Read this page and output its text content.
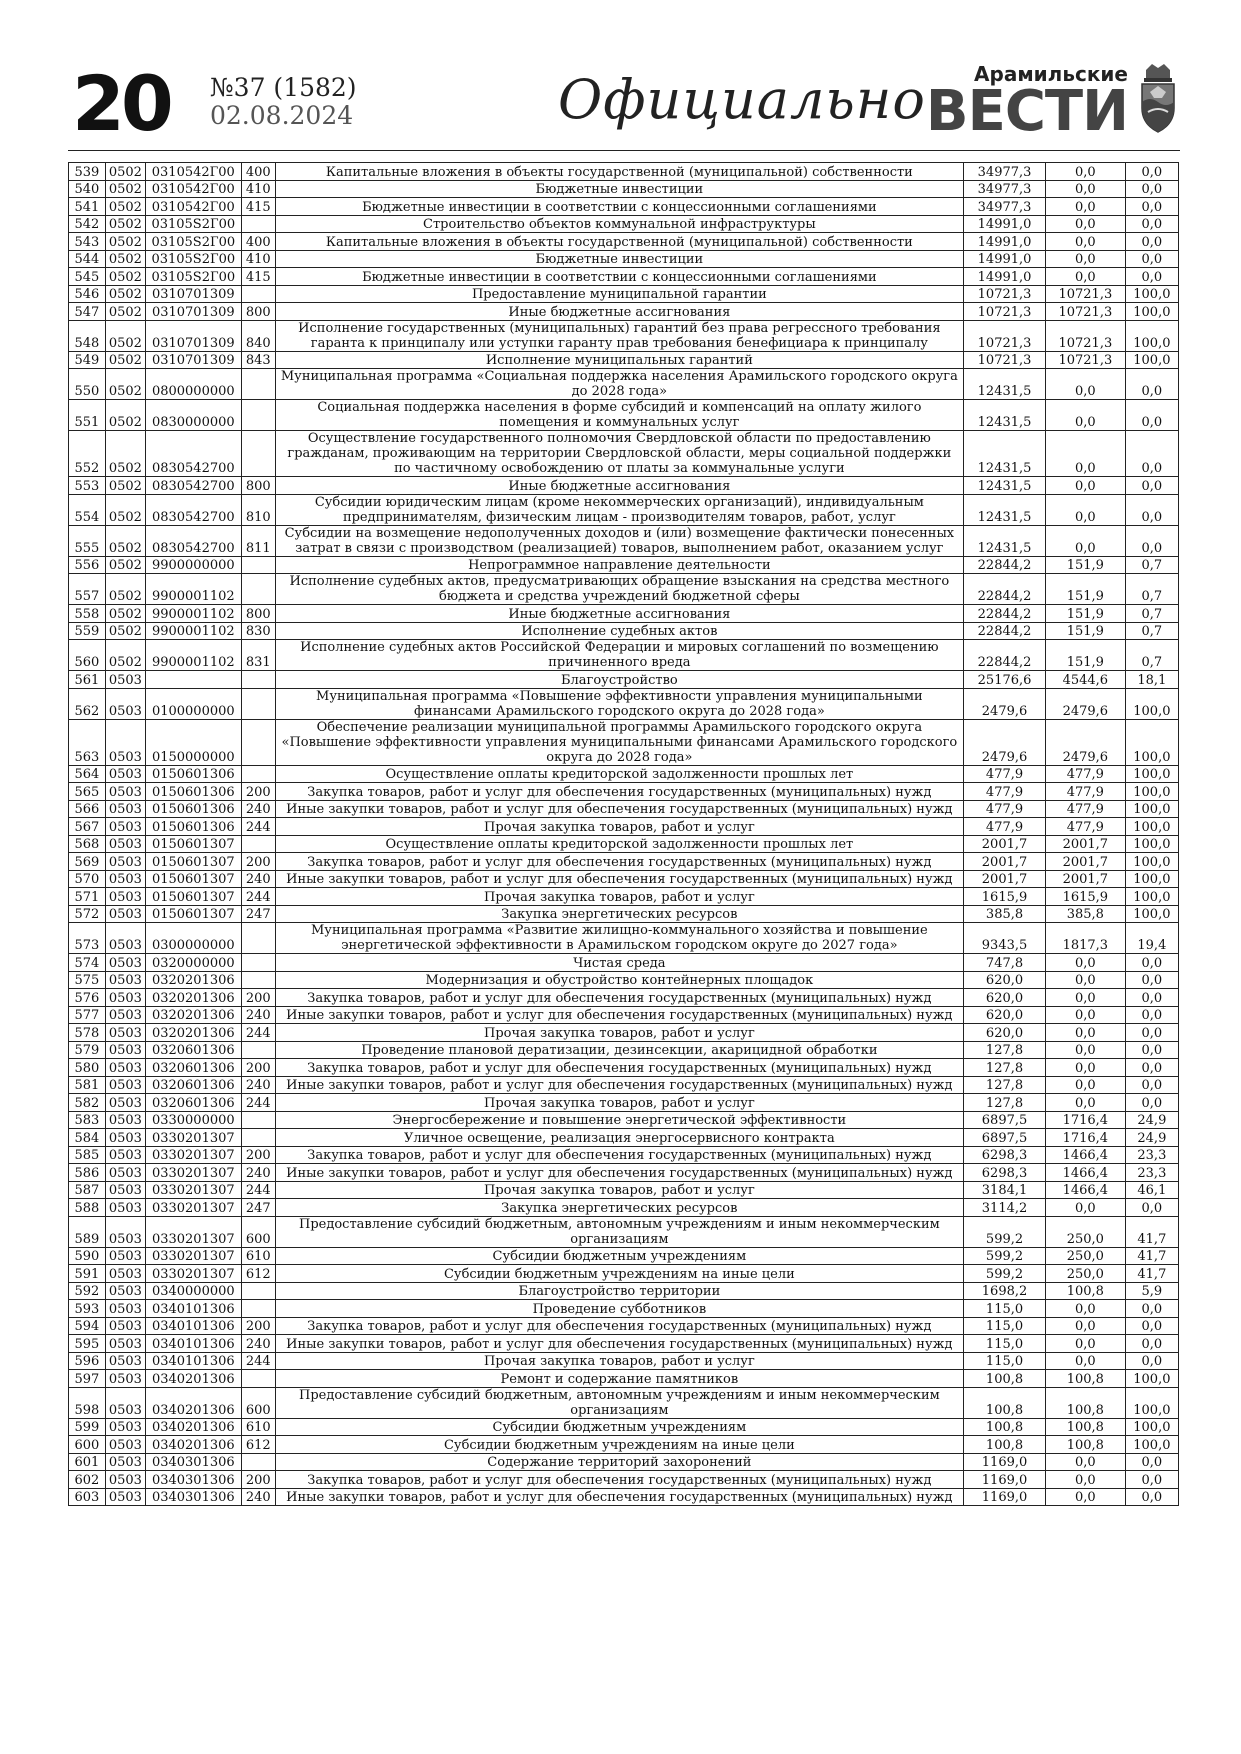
20 №37 (1582)
02.08.2024	Официально Арамильские
ВЕСТИ
539	0502	0310542Г00	400	Капитальные вложения в объекты государственной (муниципальной) собственности	34977,3	0,0	0,0
540	0502	0310542Г00	410	Бюджетные инвестиции	34977,3	0,0	0,0
541	0502	0310542Г00	415	Бюджетные инвестиции в соответствии с концессионными соглашениями	34977,3	0,0	0,0
542	0502	03105S2Г00		Строительство объектов коммунальной инфраструктуры	14991,0	0,0	0,0
543	0502	03105S2Г00	400	Капитальные вложения в объекты государственной (муниципальной) собственности	14991,0	0,0	0,0
544	0502	03105S2Г00	410	Бюджетные инвестиции	14991,0	0,0	0,0
545	0502	03105S2Г00	415	Бюджетные инвестиции в соответствии с концессионными соглашениями	14991,0	0,0	0,0
546	0502	0310701309		Предоставление муниципальной гарантии	10721,3	10721,3	100,0
547	0502	0310701309	800	Иные бюджетные ассигнования	10721,3	10721,3	100,0
548	0502	0310701309	840	Исполнение государственных (муниципальных) гарантий без права регрессного требования гаранта к принципалу или уступки гаранту прав требования бенефициара к принципалу	10721,3	10721,3	100,0
549	0502	0310701309	843	Исполнение муниципальных гарантий	10721,3	10721,3	100,0
550	0502	0800000000		Муниципальная программа «Социальная поддержка населения Арамильского городского округа до 2028 года»	12431,5	0,0	0,0
551	0502	0830000000		Социальная поддержка населения в форме субсидий и компенсаций на оплату жилого помещения и коммунальных услуг	12431,5	0,0	0,0
552	0502	0830542700		Осуществление государственного полномочия Свердловской области по предоставлению гражданам, проживающим на территории Свердловской области, меры социальной поддержки по частичному освобождению от платы за коммунальные услуги	12431,5	0,0	0,0
553	0502	0830542700	800	Иные бюджетные ассигнования	12431,5	0,0	0,0
554	0502	0830542700	810	Субсидии юридическим лицам (кроме некоммерческих организаций), индивидуальным предпринимателям, физическим лицам - производителям товаров, работ, услуг	12431,5	0,0	0,0
555	0502	0830542700	811	Субсидии на возмещение недополученных доходов и (или) возмещение фактически понесенных затрат в связи с производством (реализацией) товаров, выполнением работ, оказанием услуг	12431,5	0,0	0,0
556	0502	9900000000		Непрограммное направление деятельности	22844,2	151,9	0,7
557	0502	9900001102		Исполнение судебных актов, предусматривающих обращение взыскания на средства местного бюджета и средства учреждений бюджетной сферы	22844,2	151,9	0,7
558	0502	9900001102	800	Иные бюджетные ассигнования	22844,2	151,9	0,7
559	0502	9900001102	830	Исполнение судебных актов	22844,2	151,9	0,7
560	0502	9900001102	831	Исполнение судебных актов Российской Федерации и мировых соглашений по возмещению причиненного вреда	22844,2	151,9	0,7
561	0503			Благоустройство	25176,6	4544,6	18,1
562	0503	0100000000		Муниципальная программа «Повышение эффективности управления муниципальными финансами Арамильского городского округа до 2028 года»	2479,6	2479,6	100,0
563	0503	0150000000		Обеспечение реализации муниципальной программы Арамильского городского округа «Повышение эффективности управления муниципальными финансами Арамильского городского округа до 2028 года»	2479,6	2479,6	100,0
564	0503	0150601306		Осуществление оплаты кредиторской задолженности прошлых лет	477,9	477,9	100,0
565	0503	0150601306	200	Закупка товаров, работ и услуг для обеспечения государственных (муниципальных) нужд	477,9	477,9	100,0
566	0503	0150601306	240	Иные закупки товаров, работ и услуг для обеспечения государственных (муниципальных) нужд	477,9	477,9	100,0
567	0503	0150601306	244	Прочая закупка товаров, работ и услуг	477,9	477,9	100,0
568	0503	0150601307		Осуществление оплаты кредиторской задолженности прошлых лет	2001,7	2001,7	100,0
569	0503	0150601307	200	Закупка товаров, работ и услуг для обеспечения государственных (муниципальных) нужд	2001,7	2001,7	100,0
570	0503	0150601307	240	Иные закупки товаров, работ и услуг для обеспечения государственных (муниципальных) нужд	2001,7	2001,7	100,0
571	0503	0150601307	244	Прочая закупка товаров, работ и услуг	1615,9	1615,9	100,0
572	0503	0150601307	247	Закупка энергетических ресурсов	385,8	385,8	100,0
573	0503	0300000000		Муниципальная программа «Развитие жилищно-коммунального хозяйства и повышение энергетической эффективности в Арамильском городском округе до 2027 года»	9343,5	1817,3	19,4
574	0503	0320000000		Чистая среда	747,8	0,0	0,0
575	0503	0320201306		Модернизация и обустройство контейнерных площадок	620,0	0,0	0,0
576	0503	0320201306	200	Закупка товаров, работ и услуг для обеспечения государственных (муниципальных) нужд	620,0	0,0	0,0
577	0503	0320201306	240	Иные закупки товаров, работ и услуг для обеспечения государственных (муниципальных) нужд	620,0	0,0	0,0
578	0503	0320201306	244	Прочая закупка товаров, работ и услуг	620,0	0,0	0,0
579	0503	0320601306		Проведение плановой дератизации, дезинсекции, акарицидной обработки	127,8	0,0	0,0
580	0503	0320601306	200	Закупка товаров, работ и услуг для обеспечения государственных (муниципальных) нужд	127,8	0,0	0,0
581	0503	0320601306	240	Иные закупки товаров, работ и услуг для обеспечения государственных (муниципальных) нужд	127,8	0,0	0,0
582	0503	0320601306	244	Прочая закупка товаров, работ и услуг	127,8	0,0	0,0
583	0503	0330000000		Энергосбережение и повышение энергетической эффективности	6897,5	1716,4	24,9
584	0503	0330201307		Уличное освещение, реализация энергосервисного контракта	6897,5	1716,4	24,9
585	0503	0330201307	200	Закупка товаров, работ и услуг для обеспечения государственных (муниципальных) нужд	6298,3	1466,4	23,3
586	0503	0330201307	240	Иные закупки товаров, работ и услуг для обеспечения государственных (муниципальных) нужд	6298,3	1466,4	23,3
587	0503	0330201307	244	Прочая закупка товаров, работ и услуг	3184,1	1466,4	46,1
588	0503	0330201307	247	Закупка энергетических ресурсов	3114,2	0,0	0,0
589	0503	0330201307	600	Предоставление субсидий бюджетным, автономным учреждениям и иным некоммерческим организациям	599,2	250,0	41,7
590	0503	0330201307	610	Субсидии бюджетным учреждениям	599,2	250,0	41,7
591	0503	0330201307	612	Субсидии бюджетным учреждениям на иные цели	599,2	250,0	41,7
592	0503	0340000000		Благоустройство территории	1698,2	100,8	5,9
593	0503	0340101306		Проведение субботников	115,0	0,0	0,0
594	0503	0340101306	200	Закупка товаров, работ и услуг для обеспечения государственных (муниципальных) нужд	115,0	0,0	0,0
595	0503	0340101306	240	Иные закупки товаров, работ и услуг для обеспечения государственных (муниципальных) нужд	115,0	0,0	0,0
596	0503	0340101306	244	Прочая закупка товаров, работ и услуг	115,0	0,0	0,0
597	0503	0340201306		Ремонт и содержание памятников	100,8	100,8	100,0
598	0503	0340201306	600	Предоставление субсидий бюджетным, автономным учреждениям и иным некоммерческим организациям	100,8	100,8	100,0
599	0503	0340201306	610	Субсидии бюджетным учреждениям	100,8	100,8	100,0
600	0503	0340201306	612	Субсидии бюджетным учреждениям на иные цели	100,8	100,8	100,0
601	0503	0340301306		Содержание территорий захоронений	1169,0	0,0	0,0
602	0503	0340301306	200	Закупка товаров, работ и услуг для обеспечения государственных (муниципальных) нужд	1169,0	0,0	0,0
603	0503	0340301306	240	Иные закупки товаров, работ и услуг для обеспечения государственных (муниципальных) нужд	1169,0	0,0	0,0
